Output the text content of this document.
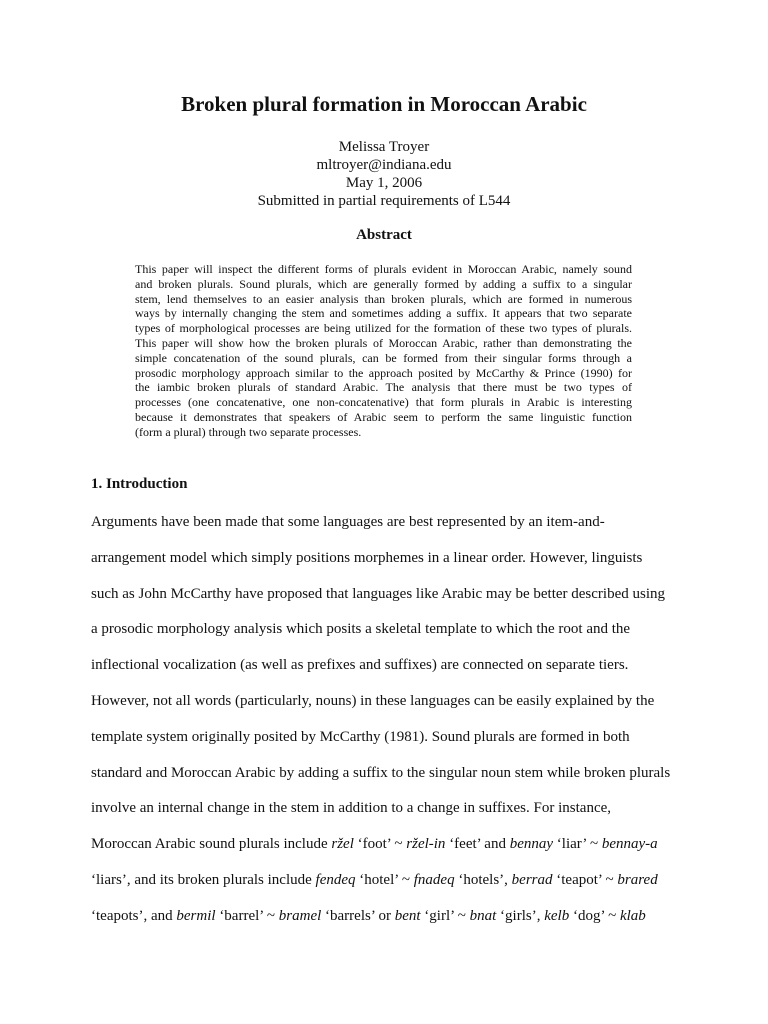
Broken plural formation in Moroccan Arabic
Melissa Troyer
mltroyer@indiana.edu
May 1, 2006
Submitted in partial requirements of L544
Abstract
This paper will inspect the different forms of plurals evident in Moroccan Arabic, namely sound
and broken plurals. Sound plurals, which are generally formed by adding a suffix to a singular
stem, lend themselves to an easier analysis than broken plurals, which are formed in numerous
ways by internally changing the stem and sometimes adding a suffix. It appears that two separate
types of morphological processes are being utilized for the formation of these two types of plurals.
This paper will show how the broken plurals of Moroccan Arabic, rather than demonstrating the
simple concatenation of the sound plurals, can be formed from their singular forms through a
prosodic morphology approach similar to the approach posited by McCarthy & Prince (1990) for
the iambic broken plurals of standard Arabic. The analysis that there must be two types of
processes (one concatenative, one non-concatenative) that form plurals in Arabic is interesting
because it demonstrates that speakers of Arabic seem to perform the same linguistic function
(form a plural) through two separate processes.
1. Introduction
Arguments have been made that some languages are best represented by an item-and-
arrangement model which simply positions morphemes in a linear order. However, linguists
such as John McCarthy have proposed that languages like Arabic may be better described using
a prosodic morphology analysis which posits a skeletal template to which the root and the
inflectional vocalization (as well as prefixes and suffixes) are connected on separate tiers.
However, not all words (particularly, nouns) in these languages can be easily explained by the
template system originally posited by McCarthy (1981). Sound plurals are formed in both
standard and Moroccan Arabic by adding a suffix to the singular noun stem while broken plurals
involve an internal change in the stem in addition to a change in suffixes. For instance,
Moroccan Arabic sound plurals include ržel ‘foot’ ~ ržel-in ‘feet’ and bennay ‘liar’ ~ bennay-a
‘liars’, and its broken plurals include fendeq ‘hotel’ ~ fnadeq ‘hotels’, berrad ‘teapot’ ~ brared
‘teapots’, and bermil ‘barrel’ ~ bramel ‘barrels’ or bent ‘girl’ ~ bnat ‘girls’, kelb ‘dog’ ~ klab
